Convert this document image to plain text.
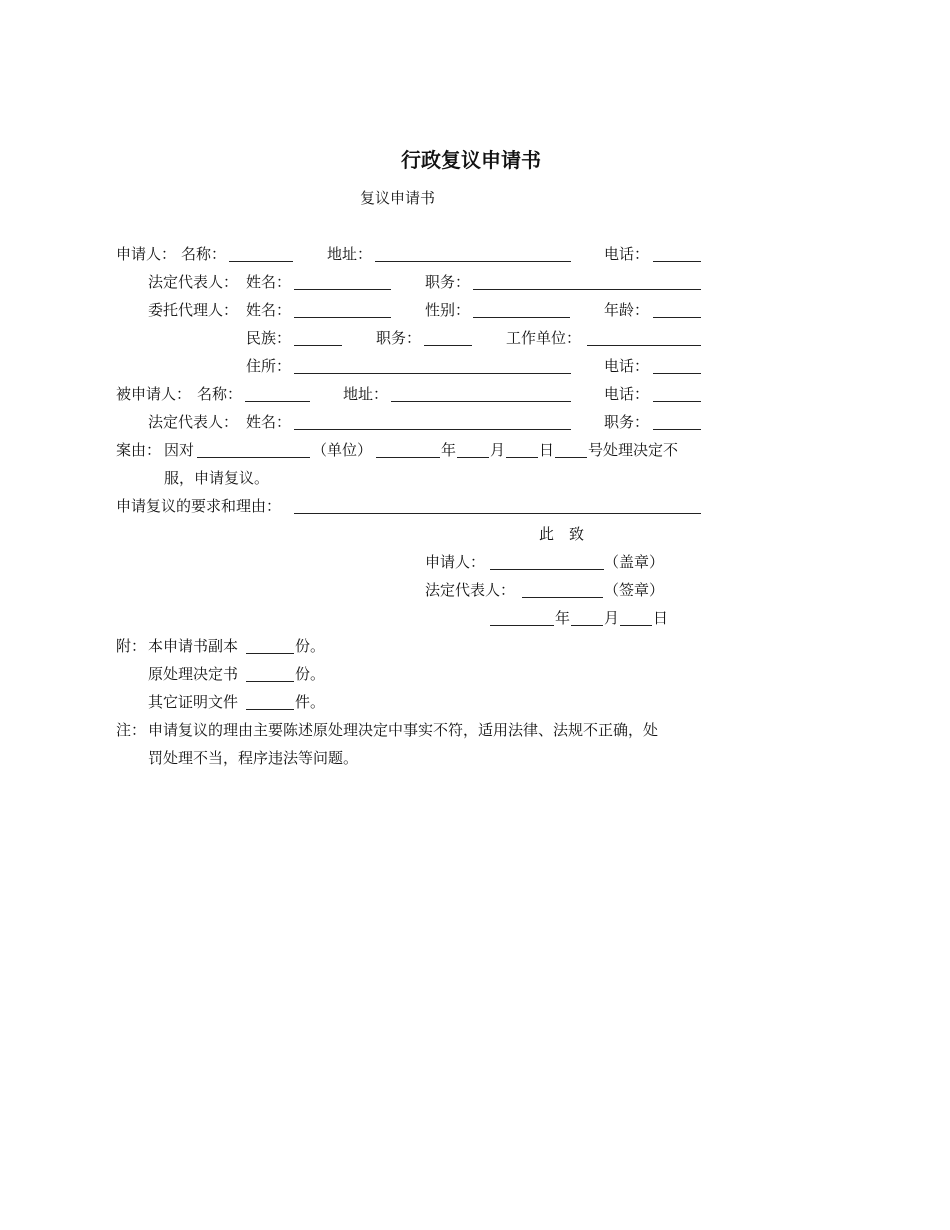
行政复议申请书
复议申请书
申请人： 名称：	地址：	电话：
法定代表人： 姓名：	职务：
委托代理人： 姓名：	性别：	年龄：
民族：	职务：	工作单位：
住所：	电话：
被申请人： 名称：	地址：	电话：
法定代表人： 姓名：	职务：
案由： 因对	（单位）	年 月 日 号处理决定不
服，申请复议。
申请复议的要求和理由：
此　致
申请人：	（盖章）
法定代表人：	（签章）
年 月 日
附： 本申请书副本	份。
原处理决定书	份。
其它证明文件	件。
注： 申请复议的理由主要陈述原处理决定中事实不符，适用法律、法规不正确，处
罚处理不当，程序违法等问题。
